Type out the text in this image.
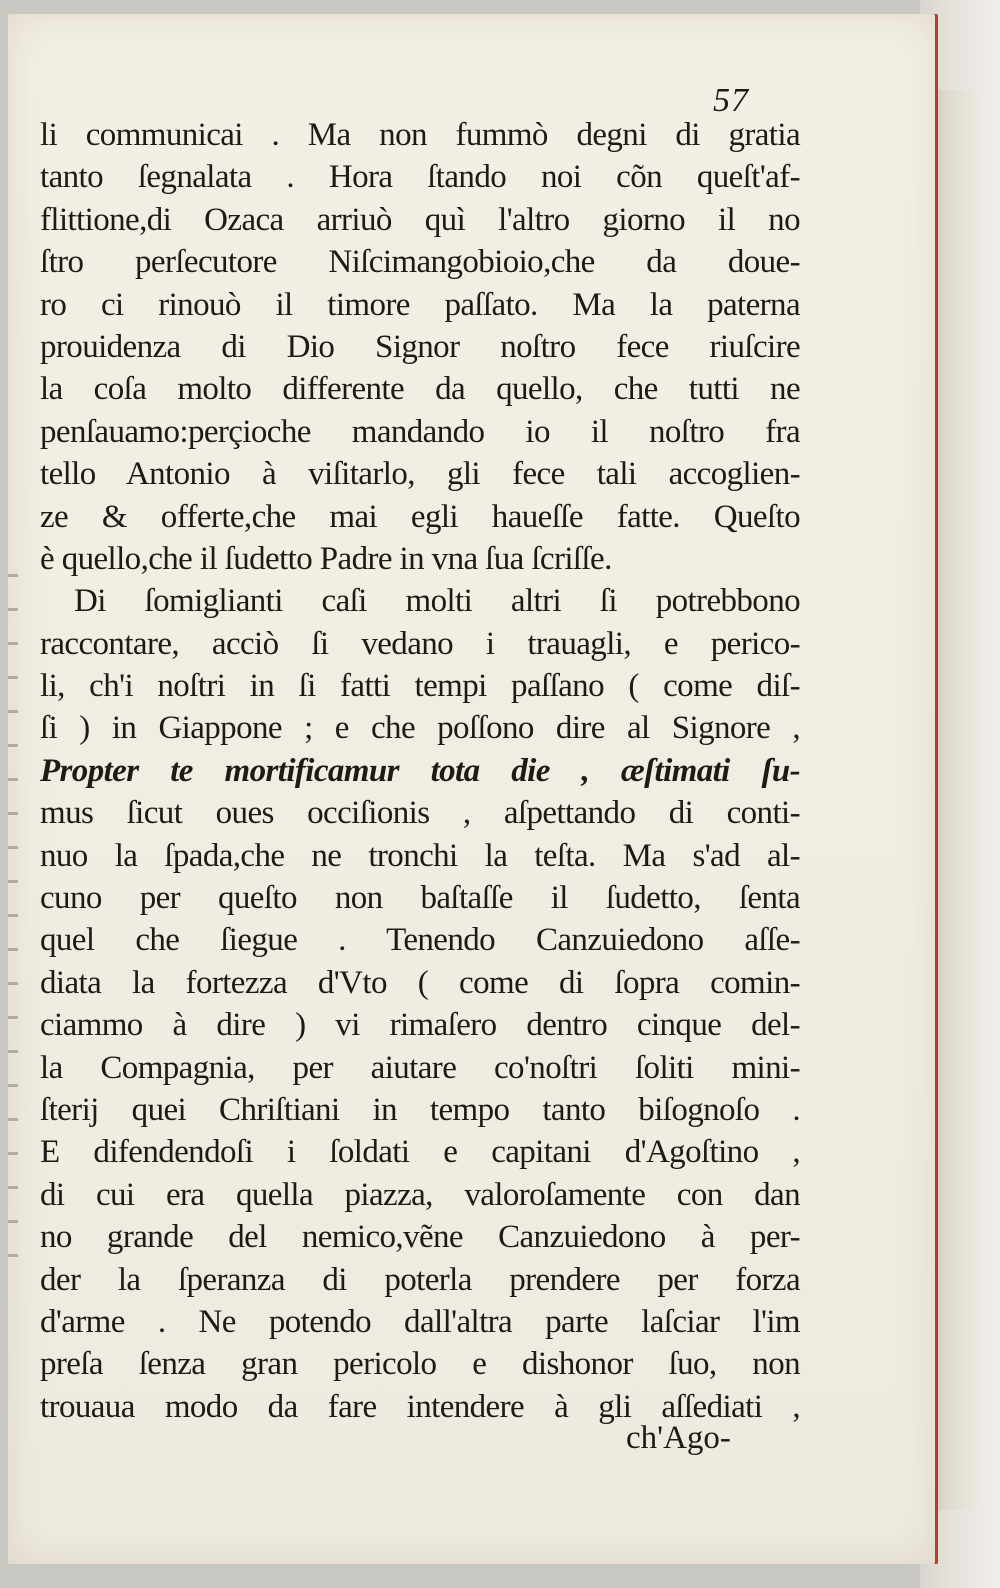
57
li communicai . Ma non fummò degni di gratia
tanto ſegnalata . Hora ſtando noi cõn queſt'af-
flittione,di Ozaca arriuò quì l'altro giorno il no
ſtro perſecutore Niſcimangobioio,che da doue-
ro ci rinouò il timore paſſato. Ma la paterna
prouidenza di Dio Signor noſtro fece riuſcire
la coſa molto differente da quello, che tutti ne
penſauamo:perçioche mandando io il noſtro fra
tello Antonio à viſitarlo, gli fece tali accoglien-
ze & offerte,che mai egli haueſſe fatte. Queſto
è quello,che il ſudetto Padre in vna ſua ſcriſſe.
Di ſomiglianti caſi molti altri ſi potrebbono
raccontare, acciò ſi vedano i trauagli, e perico-
li, ch'i noſtri in ſi fatti tempi paſſano ( come diſ-
ſi ) in Giappone ; e che poſſono dire al Signore ,
Propter te mortificamur tota die , æſtimati ſu-
mus ſicut oues occiſionis , aſpettando di conti-
nuo la ſpada,che ne tronchi la teſta. Ma s'ad al-
cuno per queſto non baſtaſſe il ſudetto, ſenta
quel che ſiegue . Tenendo Canzuiedono aſſe-
diata la fortezza d'Vto ( come di ſopra comin-
ciammo à dire ) vi rimaſero dentro cinque del-
la Compagnia, per aiutare co'noſtri ſoliti mini-
ſterij quei Chriſtiani in tempo tanto biſognoſo .
E difendendoſi i ſoldati e capitani d'Agoſtino ,
di cui era quella piazza, valoroſamente con dan
no grande del nemico,vẽne Canzuiedono à per-
der la ſperanza di poterla prendere per forza
d'arme . Ne potendo dall'altra parte laſciar l'im
preſa ſenza gran pericolo e dishonor ſuo, non
trouaua modo da fare intendere à gli aſſediati ,
ch'Ago-
